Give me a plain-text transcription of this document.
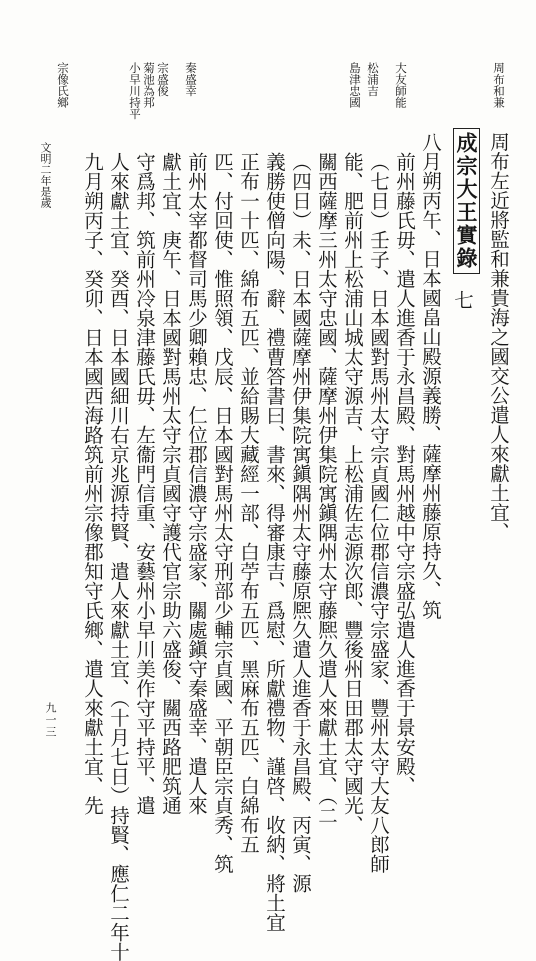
周布和兼
大友師能
松浦吉
島津忠國
秦盛幸
菊池為邦 宗盛俊
小早川持平
宗像氏鄉
周布左近將監和兼貴海之國交公遣人來獻土宜、
成宗大王實錄
七
八月朔丙午、日本國畠山殿源義勝、薩摩州藤原持久、筑
前州藤氏毋、遣人進香于永昌殿、對馬州越中守宗盛弘遣人進香于景安殿、
（七日）壬子、日本國對馬州太守宗貞國仁位郡信濃守宗盛家、豐州太守大友八郎師
能、肥前州上松浦山城太守源吉、上松浦佐志源次郎、豐後州日田郡太守國光、
關西薩摩三州太守忠國、薩摩州伊集院寓鎭隅州太守藤熈久遣人來獻土宜、（二
（四日）未、日本國薩摩州伊集院寓鎭隅州太守藤原熈久遣人進香于永昌殿、丙寅、源
義勝使僧向陽、辭、禮曹答書曰、書來、得審康吉、爲慰、所獻禮物、謹啓、收納、將土宜
正布一十匹、綿布五匹、並給賜大藏經一部、白苧布五匹、黑麻布五匹、白綿布五
匹、付回使、惟照領、戊辰、日本國對馬州太守刑部少輔宗貞國、平朝臣宗貞秀、筑
前州太宰都督司馬少卿賴忠、仁位郡信濃守宗盛家、關處鎭守秦盛幸、遣人來
獻土宜、庚午、日本國對馬州太守宗貞國守護代官宗助六盛俊、關西路肥筑通
守爲邦、筑前州冷泉津藤氏毋、左衞門信重、安藝州小早川美作守平持平、遣
人來獻土宜、癸酉、日本國細川右京兆源持賢、遣人來獻土宜、（十月七日）持賢、應仁二年十
九月朔丙子、癸卯、日本國西海路筑前州宗像郡知守氏鄉、遣人來獻土宜、先
文明二年是歲
九一三
